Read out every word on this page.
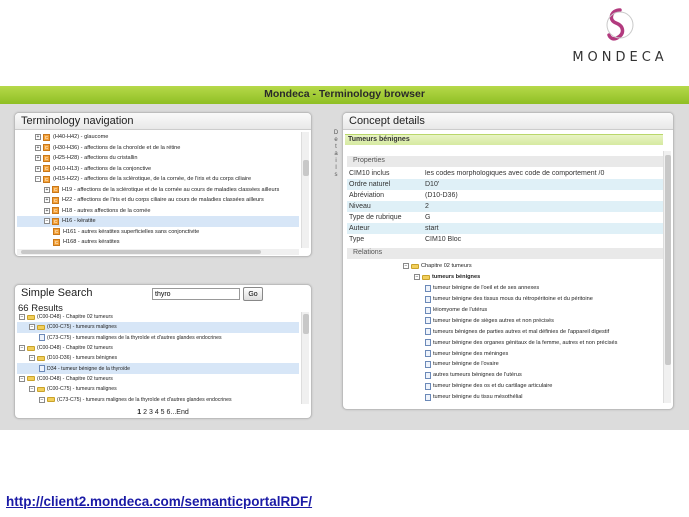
MONDECA
Mondeca - Terminology browser
Terminology navigation
+	C (H40-H42) - glaucome
+	C (H30-H36) - affections de la choroïde et de la rétine
+	C (H25-H28) - affections du cristallin
+	C (H10-H13) - affections de la conjonctive
−	C (H15-H22) - affections de la sclérotique, de la cornée, de l'iris et du corps ciliaire
+	C H19 - affections de la sclérotique et de la cornée au cours de maladies classées ailleurs
+	C H22 - affections de l'iris et du corps ciliaire au cours de maladies classées ailleurs
+	C H18 - autres affections de la cornée
−	C H16 - kératite
C H161 - autres kératites superficielles sans conjonctivite
C H168 - autres kératites
Simple Search
thyro	Go
66 Results
−	(C00-D48) - Chapitre 02 tumeurs
−	(C00-C75) - tumeurs malignes
(C73-C75) - tumeurs malignes de la thyroïde et d'autres glandes endocrines
−	(C00-D48) - Chapitre 02 tumeurs
−	(D10-D36) - tumeurs bénignes
D34 - tumeur bénigne de la thyroïde
−	(C00-D48) - Chapitre 02 tumeurs
−	(C00-C75) - tumeurs malignes
−	(C73-C75) - tumeurs malignes de la thyroïde et d'autres glandes endocrines
1 2 3 4 5 6...End
D
e
t
a
i
l
s
Concept details
Tumeurs bénignes
Properties
CIM10 inclus	les codes morphologiques avec code de comportement /0
Ordre naturel	D10'
Abréviation	(D10-D36)
Niveau	2
Type de rubrique	G
Auteur	start
Type	CIM10 Bloc
Relations
− Chapitre 02 tumeurs
− tumeurs bénignes
tumeur bénigne de l'oeil et de ses annexes
tumeur bénigne des tissus mous du rétropéritoine et du péritoine
léiomyome de l'utérus
tumeur bénigne de sièges autres et non précisés
tumeurs bénignes de parties autres et mal définies de l'appareil digestif
tumeur bénigne des organes génitaux de la femme, autres et non précisés
tumeur bénigne des méninges
tumeur bénigne de l'ovaire
autres tumeurs bénignes de l'utérus
tumeur bénigne des os et du cartilage articulaire
tumeur bénigne du tissu mésothélial
http://client2.mondeca.com/semanticportalRDF/
